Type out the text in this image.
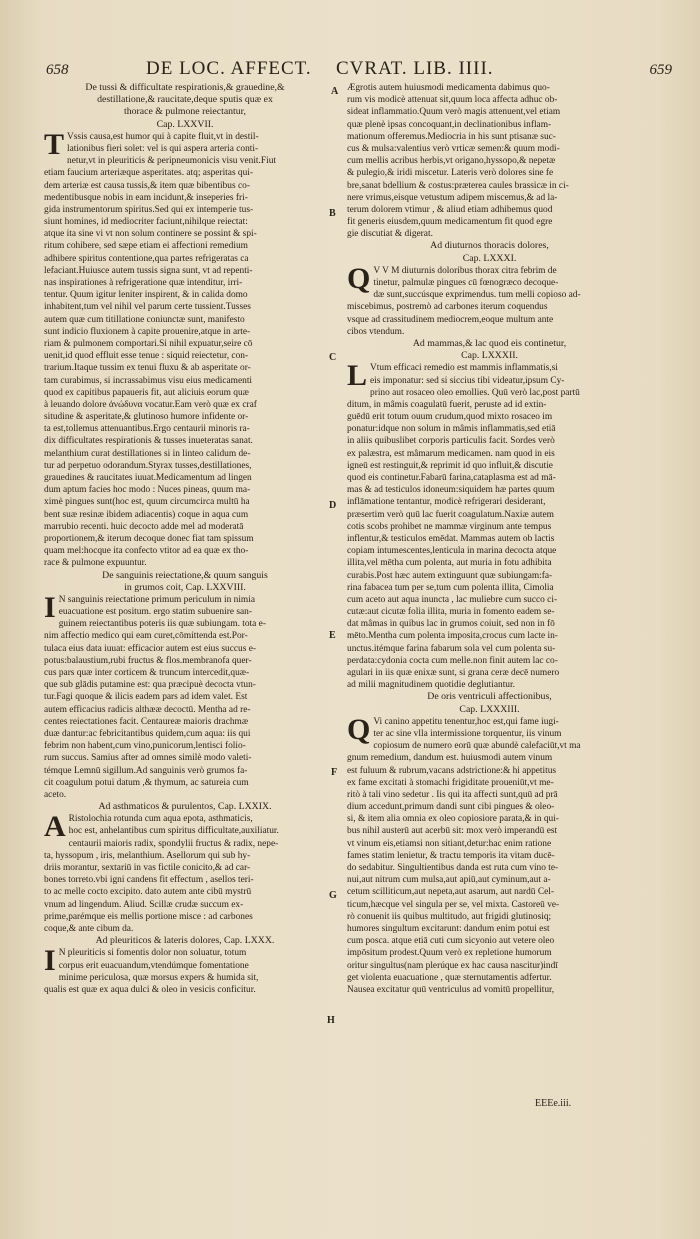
658	DE LOC. AFFECT. CVRAT. LIB. IIII.	659
De tussi & difficultate respirationis,& grauedine,&
destillatione,& raucitate,deque sputis quæ ex
thorace & pulmone reiectantur,
Cap. LXXVII.

T Vssis causa,est humor qui à capite fluit,vt in destil-
lationibus fieri solet: vel is qui aspera arteria conti-
netur,vt in pleuriticis & peripneumonicis visu venit.Fiut
etiam faucium arteriæque asperitates. atq; asperitas qui-
dem arteriæ est causa tussis,& item quæ bibentibus co-
medentibusque nobis in eam incidunt,& inseperies fri-
gida instrumentorum spiritus.Sed qui ex intemperie tus-
siunt homines, id mediocriter faciunt,nihilque reiectat:
atque ita sine vi vt non solum continere se possint & spi-
ritum cohibere, sed sæpe etiam ei affectioni remedium
adhibere spiritus contentione,qua partes refrigeratas ca
lefaciant.Huiusce autem tussis signa sunt, vt ad repenti-
nas inspirationes à refrigeratione quæ intenditur, irri-
tentur. Quum igitur leniter inspirent, & in calida domo
inhabitent,tum vel nihil vel parum certe tussient.Tusses
autem quæ cum titillatione coniunctæ sunt, manifesto
sunt indicio fluxionem à capite prouenire,atque in arte-
riam & pulmonem comportari.Si nihil expuatur,seire cō
uenit,id quod effluit esse tenue : siquid reiectetur, con-
trarium.Itaque tussim ex tenui fluxu & ab asperitate or-
tam curabimus, si incrassabimus visu eius medicamenti
quod ex capitibus papaueris fit, aut aliciuis eorum quæ
à leuando dolore ἀνώδυνα vocatur.Eam verò quæ ex craf
situdine & asperitate,& glutinoso humore infidente or-
ta est,tollemus attenuantibus.Ergo centaurii minoris ra-
dix difficultates respirationis & tusses inueteratas sanat.
melanthium curat destillationes si in linteo calidum de-
tur ad perpetuo odorandum.Styrax tusses,destillationes,
grauedines & raucitates iuuat.Medicamentum ad lingen
dum aptum facies hoc modo : Nuces pineas, quum ma-
ximè pingues sunt(hoc est, quum circumcirca multū ha
bent suæ resinæ ibidem adiacentis) coque in aqua cum
marrubio recenti. huic decocto adde mel ad moderatā
proportionem,& iterum decoque donec fiat tam spissum
quam mel:hocque ita confecto vtitor ad ea quæ ex tho-
race & pulmone expuuntur.

De sanguinis reiectatione,& quum sanguis
in grumos coit, Cap. LXXVIII.

I N sanguinis reiectatione primum periculum in nimia
euacuatione est positum. ergo statim subuenire san-
guinem reiectantibus poteris iis quæ subiungam. tota e-
nim affectio medico qui eam curet,cōmittenda est.Por-
tulaca eius data iuuat: efficacior autem est eius succus e-
potus:balaustium,rubi fructus & flos.membranofa quer-
cus pars quæ inter corticem & truncum intercedit,quæ-
que sub glādis putamine est: qua præcipuè decocta vtun-
tur.Fagi quoque & ilicis eadem pars ad idem valet. Est
autem efficacius radicis althææ decoctū. Mentha ad re-
centes reiectationes facit. Centaureæ maioris drachmæ
duæ dantur:ac febricitantibus quidem,cum aqua: iis qui
febrim non habent,cum vino,punicorum,lentisci folio-
rum succus. Samius after ad omnes similè modo valeti-
témque Lemnū sigillum.Ad sanguinis verò grumos fa-
cit coagulum potui datum ,& thymum, ac satureia cum
aceto.

Ad asthmaticos & purulentos, Cap. LXXIX.

A Ristolochia rotunda cum aqua epota, asthmaticis,
hoc est, anhelantibus cum spiritus difficultate,auxiliatur.
centaurii maioris radix, spondylii fructus & radix, nepe-
ta, hyssopum , iris, melanthium. Asellorum qui sub hy-
driis morantur, sextariū in vas fictile conicito,& ad car-
bones torreto.vbi igni candens fit effectum , asellos teri-
to ac melle cocto excipito. dato autem ante cibū mystrū
vnum ad lingendum. Aliud. Scillæ crudæ succum ex-
prime,parémque eis mellis portione misce : ad carbones
coque,& ante cibum da.

Ad pleuriticos & lateris dolores, Cap. LXXX.

I N pleuriticis si fomentis dolor non soluatur, totum
corpus erit euacuandum,vtendúmque fomentatione
minime periculosa, quæ morsus expers & humida sit,
qualis est quæ ex aqua dulci & oleo in vesicis conficitur.

Ægrotis autem huiusmodi medicamenta dabimus quo-
rum vis modicè attenuat sit,quum loca affecta adhuc ob-
sideat inflammatio.Quum verò magis attenuent,vel etiam
quæ plenè ipsas concoquant,in declinationibus inflam-
mationum offeremus.Mediocria in his sunt ptisanæ suc-
cus & mulsa:valentius verò vrticæ semen:& quum modi-
cum mellis acribus herbis,vt origano,hyssopo,& nepetæ
& pulegio,& iridi miscetur. Lateris verò dolores sine fe
bre,sanat bdellium & costus:præterea caules brassicæ in ci-
nere vrimus,eisque vetustum adipem miscemus,& ad la-
terum dolorem vtimur , & aliud etiam adhibemus quod
fit generis eiusdem,quum medicamentum fit quod egre
gie discutiat & digerat.

Ad diuturnos thoracis dolores,
Cap. LXXXI.

Q V V M diuturnis doloribus thorax citra febrim de
tinetur, palmulæ pingues cū fœnogræco decoque-
dæ sunt,succúsque exprimendus. tum melli copioso ad-
miscebimus, postremò ad carbones iterum coquendus
vsque ad crassitudinem mediocrem,eoque multum ante
cibos vtendum.

Ad mammas,& lac quod eis continetur,
Cap. LXXXII.

L Vtum efficaci remedio est mammis inflammatis,si
eis imponatur: sed si siccius tibi videatur,ipsum Cy-
prino aut rosaceo oleo emollies. Quū verò lac,post partū
ditum, in mâmis coagulatū fuerit, peruste ad id extin-
guēdū erit totum ouum crudum,quod mixto rosaceo im
ponatur:idque non solum in mâmis inflammatis,sed etiā
in aliis quibuslibet corporis particulis facit. Sordes verò
ex palæstra, est mâmarum medicamen. nam quod in eis
igneū est restinguit,& reprimit id quo influit,& discutie
quod eis continetur.Fabarū farina,cataplasma est ad mā-
mas & ad testiculos idoneum:siquidem hæ partes quum
inflāmatione tentantur, modicè refrigerari desiderant,
præsertim verò quū lac fuerit coagulatum.Naxiæ autem
cotis scobs prohibet ne mammæ virginum ante tempus
inflentur,& testiculos emēdat. Mammas autem ob lactis
copiam intumescentes,lenticula in marina decocta atque
illita,vel mētha cum polenta, aut muria in fotu adhibita
curabis.Post hæc autem extinguunt quæ subiungam:fa-
rina fabacea tum per se,tum cum polenta illita, Cimolia
cum aceto aut aqua inuncta , lac muliebre cum succo ci-
cutæ:aut cicutæ folia illita, muria in fomento eadem se-
dat mâmas in quibus lac in grumos coiuit, sed non in fō
mēto.Mentha cum polenta imposita,crocus cum lacte in-
unctus.itémque farina fabarum sola vel cum polenta su-
perdata:cydonia cocta cum melle.non finit autem lac co-
agulari in iis quæ enixæ sunt, si grana ceræ decē numero
ad milii magnitudinem quotidie deglutiantur.

De oris ventriculi affectionibus,
Cap. LXXXIII.

Q Vi canino appetitu tenentur,hoc est,qui fame iugi-
ter ac sine vlla intermissione torquentur, iis vinum
copiosum de numero eorū quæ abundè calefaciūt,vt ma
gnum remedium, dandum est. huiusmodi autem vinum
est fuluum & rubrum,vacans adstrictione:& hi appetitus
ex fame excitati à stomachi frigiditate proueniūt,vt me-
ritò à tali vino sedetur . Iis qui ita affecti sunt,quū ad prā
dium accedunt,primum dandi sunt cibi pingues & oleo-
si, & item alia omnia ex oleo copiosiore parata,& in qui-
bus nihil austerū aut acerbū sit: mox verò imperandū est
vt vinum eis,etiamsi non sitiant,detur:hac enim ratione
fames statim lenietur, & tractu temporis ita vitam ducē-
do sedabitur. Singultientibus danda est ruta cum vino te-
nui,aut nitrum cum mulsa,aut apiū,aut cyminum,aut a-
cetum scilliticum,aut nepeta,aut asarum, aut nardū Cel-
ticum,hæcque vel singula per se, vel mixta. Castoreū ve-
rò conuenit iis quibus multitudo, aut frigidi glutinosiq;
humores singultum excitarunt: dandum enim potui est
cum posca. atque etiā cuti cum sicyonio aut vetere oleo
impōsitum prodest.Quum verò ex repletione humorum
oritur singultus(nam plerúque ex hac causa nascitur)indī
get violenta euacuatione , quæ sternutamentis adfertur.
Nausea excitatur quū ventriculus ad vomitū propellitur,

A
B
C
D
E
F
G
H
EEEe.iii.
